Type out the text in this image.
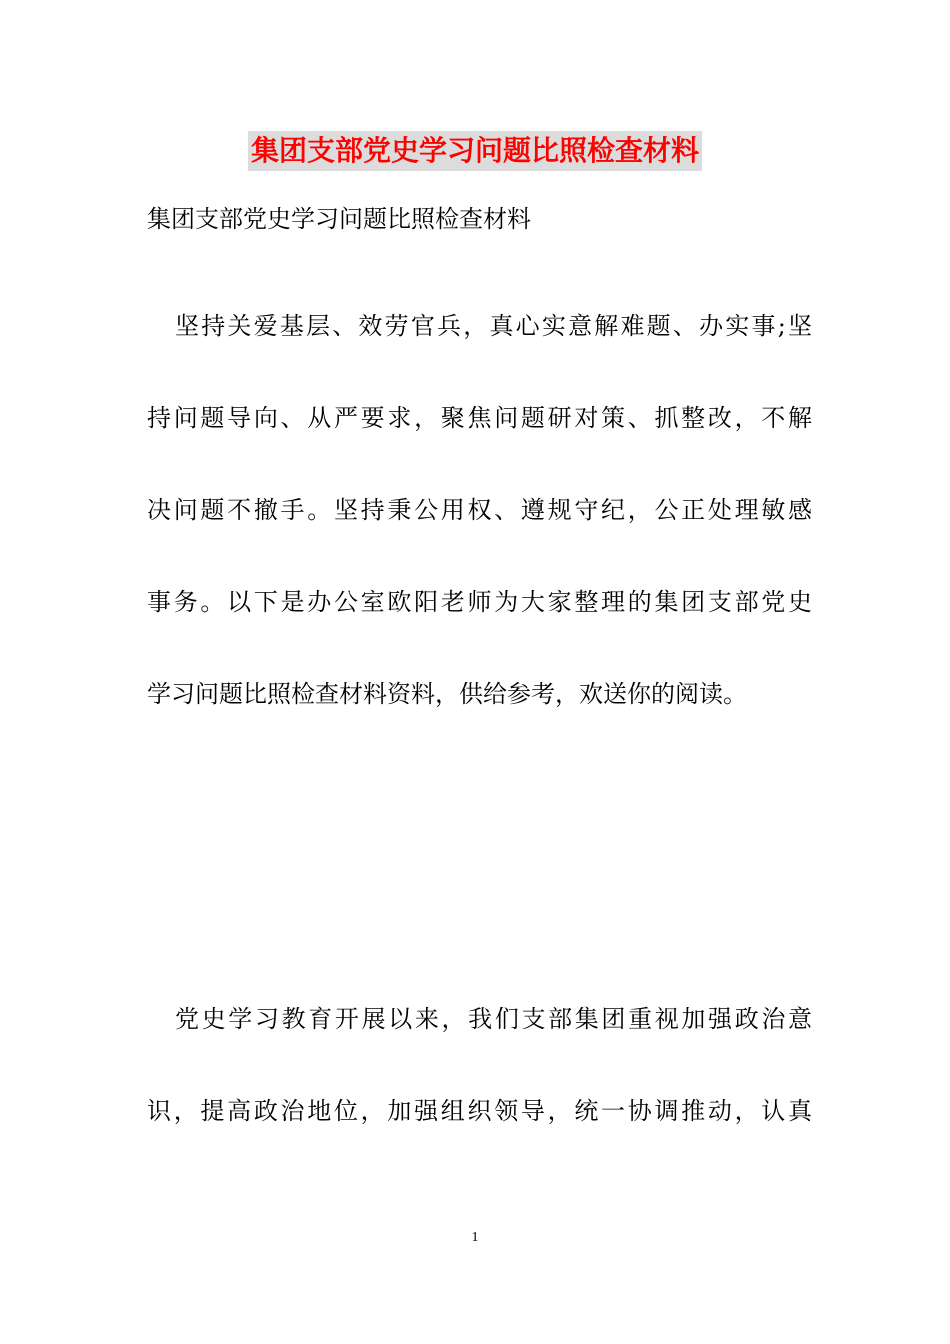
集团支部党史学习问题比照检查材料
集团支部党史学习问题比照检查材料
坚持关爱基层、效劳官兵，真心实意解难题、办实事;坚
持问题导向、从严要求，聚焦问题研对策、抓整改，不解
决问题不撤手。坚持秉公用权、遵规守纪，公正处理敏感
事务。以下是办公室欧阳老师为大家整理的集团支部党史
学习问题比照检查材料资料，供给参考，欢送你的阅读。
党史学习教育开展以来，我们支部集团重视加强政治意
识，提高政治地位，加强组织领导，统一协调推动，认真
1
